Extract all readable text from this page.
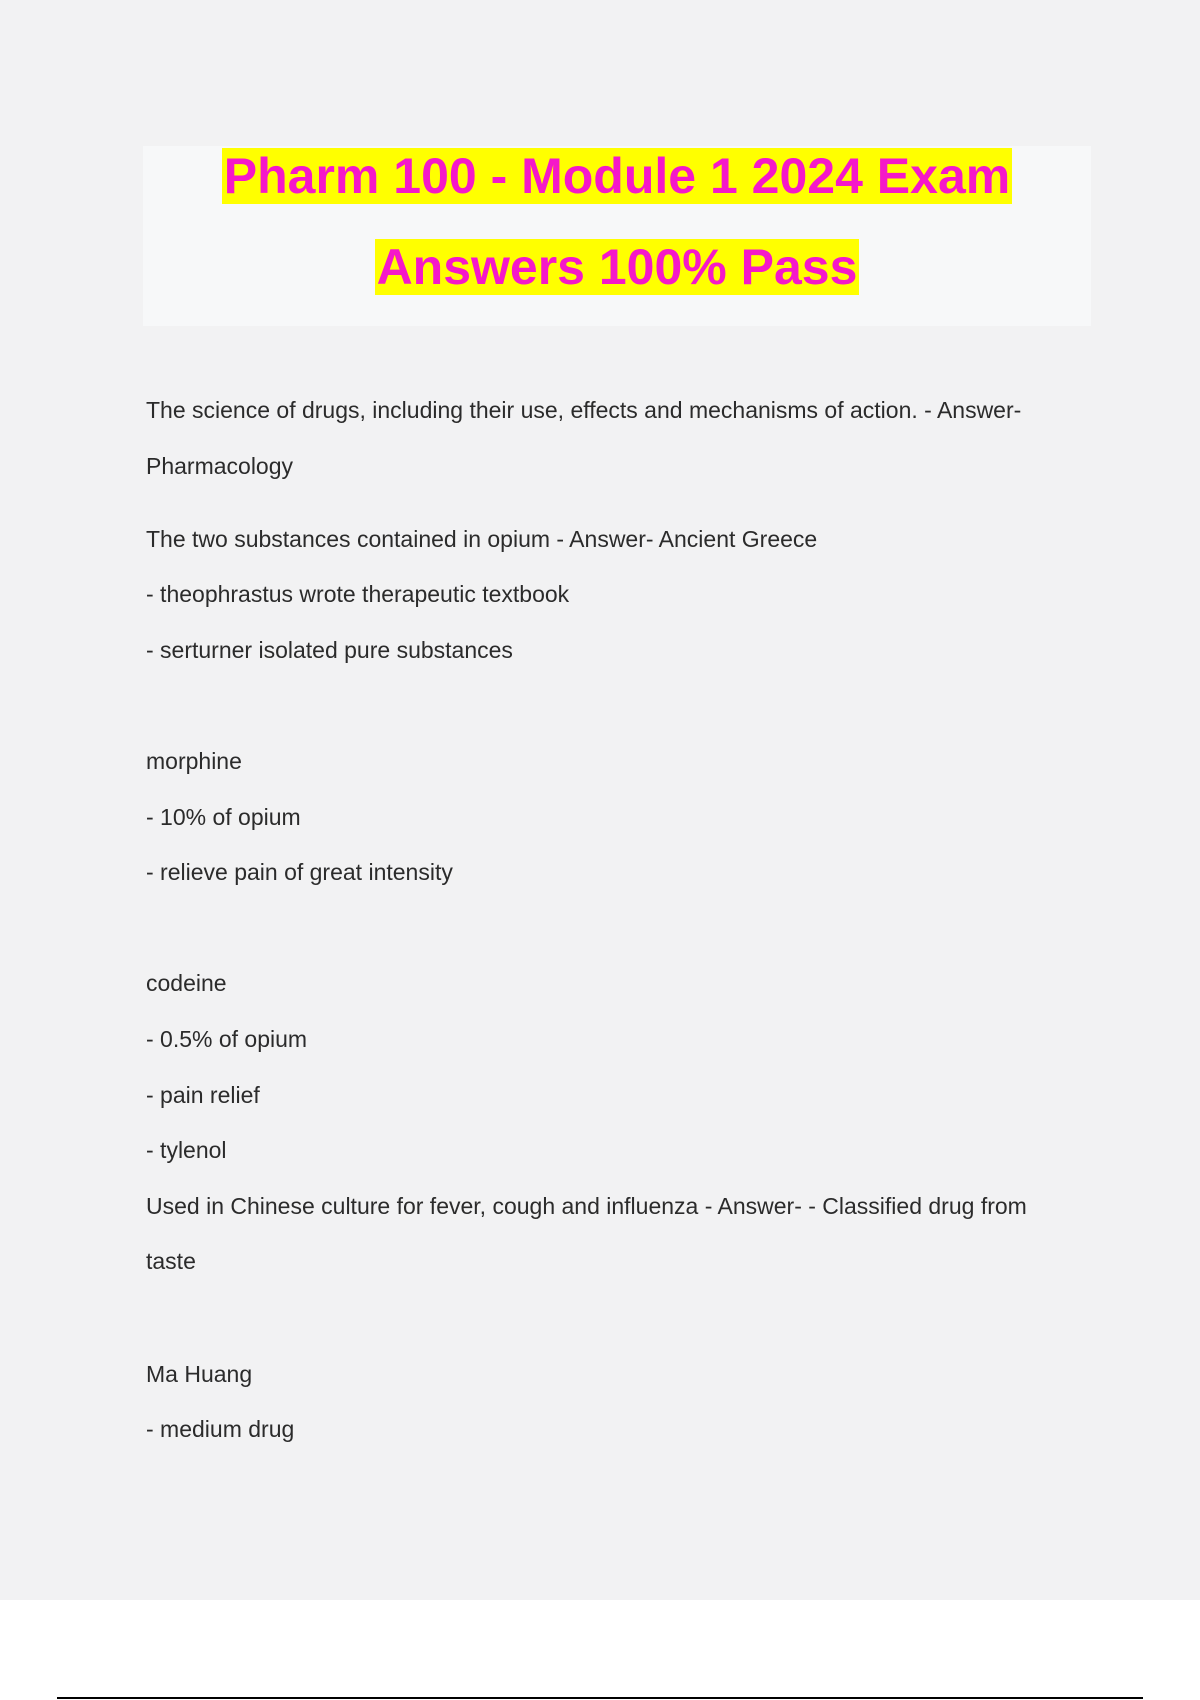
Pharm 100 - Module 1 2024 Exam
Answers 100% Pass
The science of drugs, including their use, effects and mechanisms of action. - Answer-
Pharmacology
The two substances contained in opium - Answer- Ancient Greece
- theophrastus wrote therapeutic textbook
- serturner isolated pure substances
morphine
- 10% of opium
- relieve pain of great intensity
codeine
- 0.5% of opium
- pain relief
- tylenol
Used in Chinese culture for fever, cough and influenza - Answer- - Classified drug from
taste
Ma Huang
- medium drug
